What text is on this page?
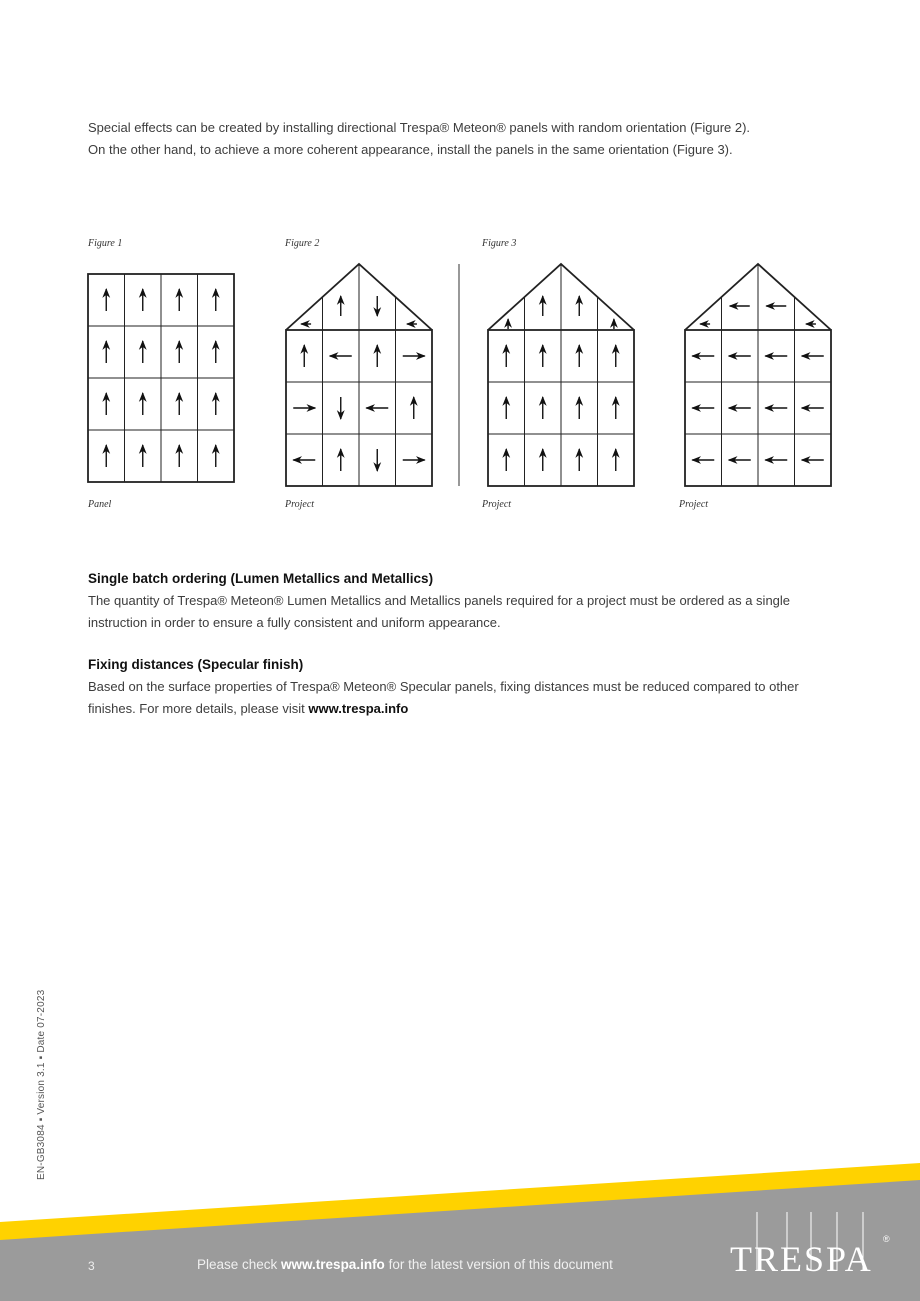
Special effects can be created by installing directional Trespa® Meteon® panels with random orientation (Figure 2).

On the other hand, to achieve a more coherent appearance, install the panels in the same orientation (Figure 3).

Figure 1	Figure 2	Figure 3
Panel	Project	Project	Project
Single batch ordering (Lumen Metallics and Metallics)

The quantity of Trespa® Meteon® Lumen Metallics and Metallics panels required for a project must be ordered as a single instruction in order to ensure a fully consistent and uniform appearance.

Fixing distances (Specular finish)

Based on the surface properties of Trespa® Meteon® Specular panels, fixing distances must be reduced compared to other finishes. For more details, please visit www.trespa.info

EN-GB3084 ▪ Version 3.1 ▪ Date 07-2023
3	Please check www.trespa.info for the latest version of this document	TRESPA ®
